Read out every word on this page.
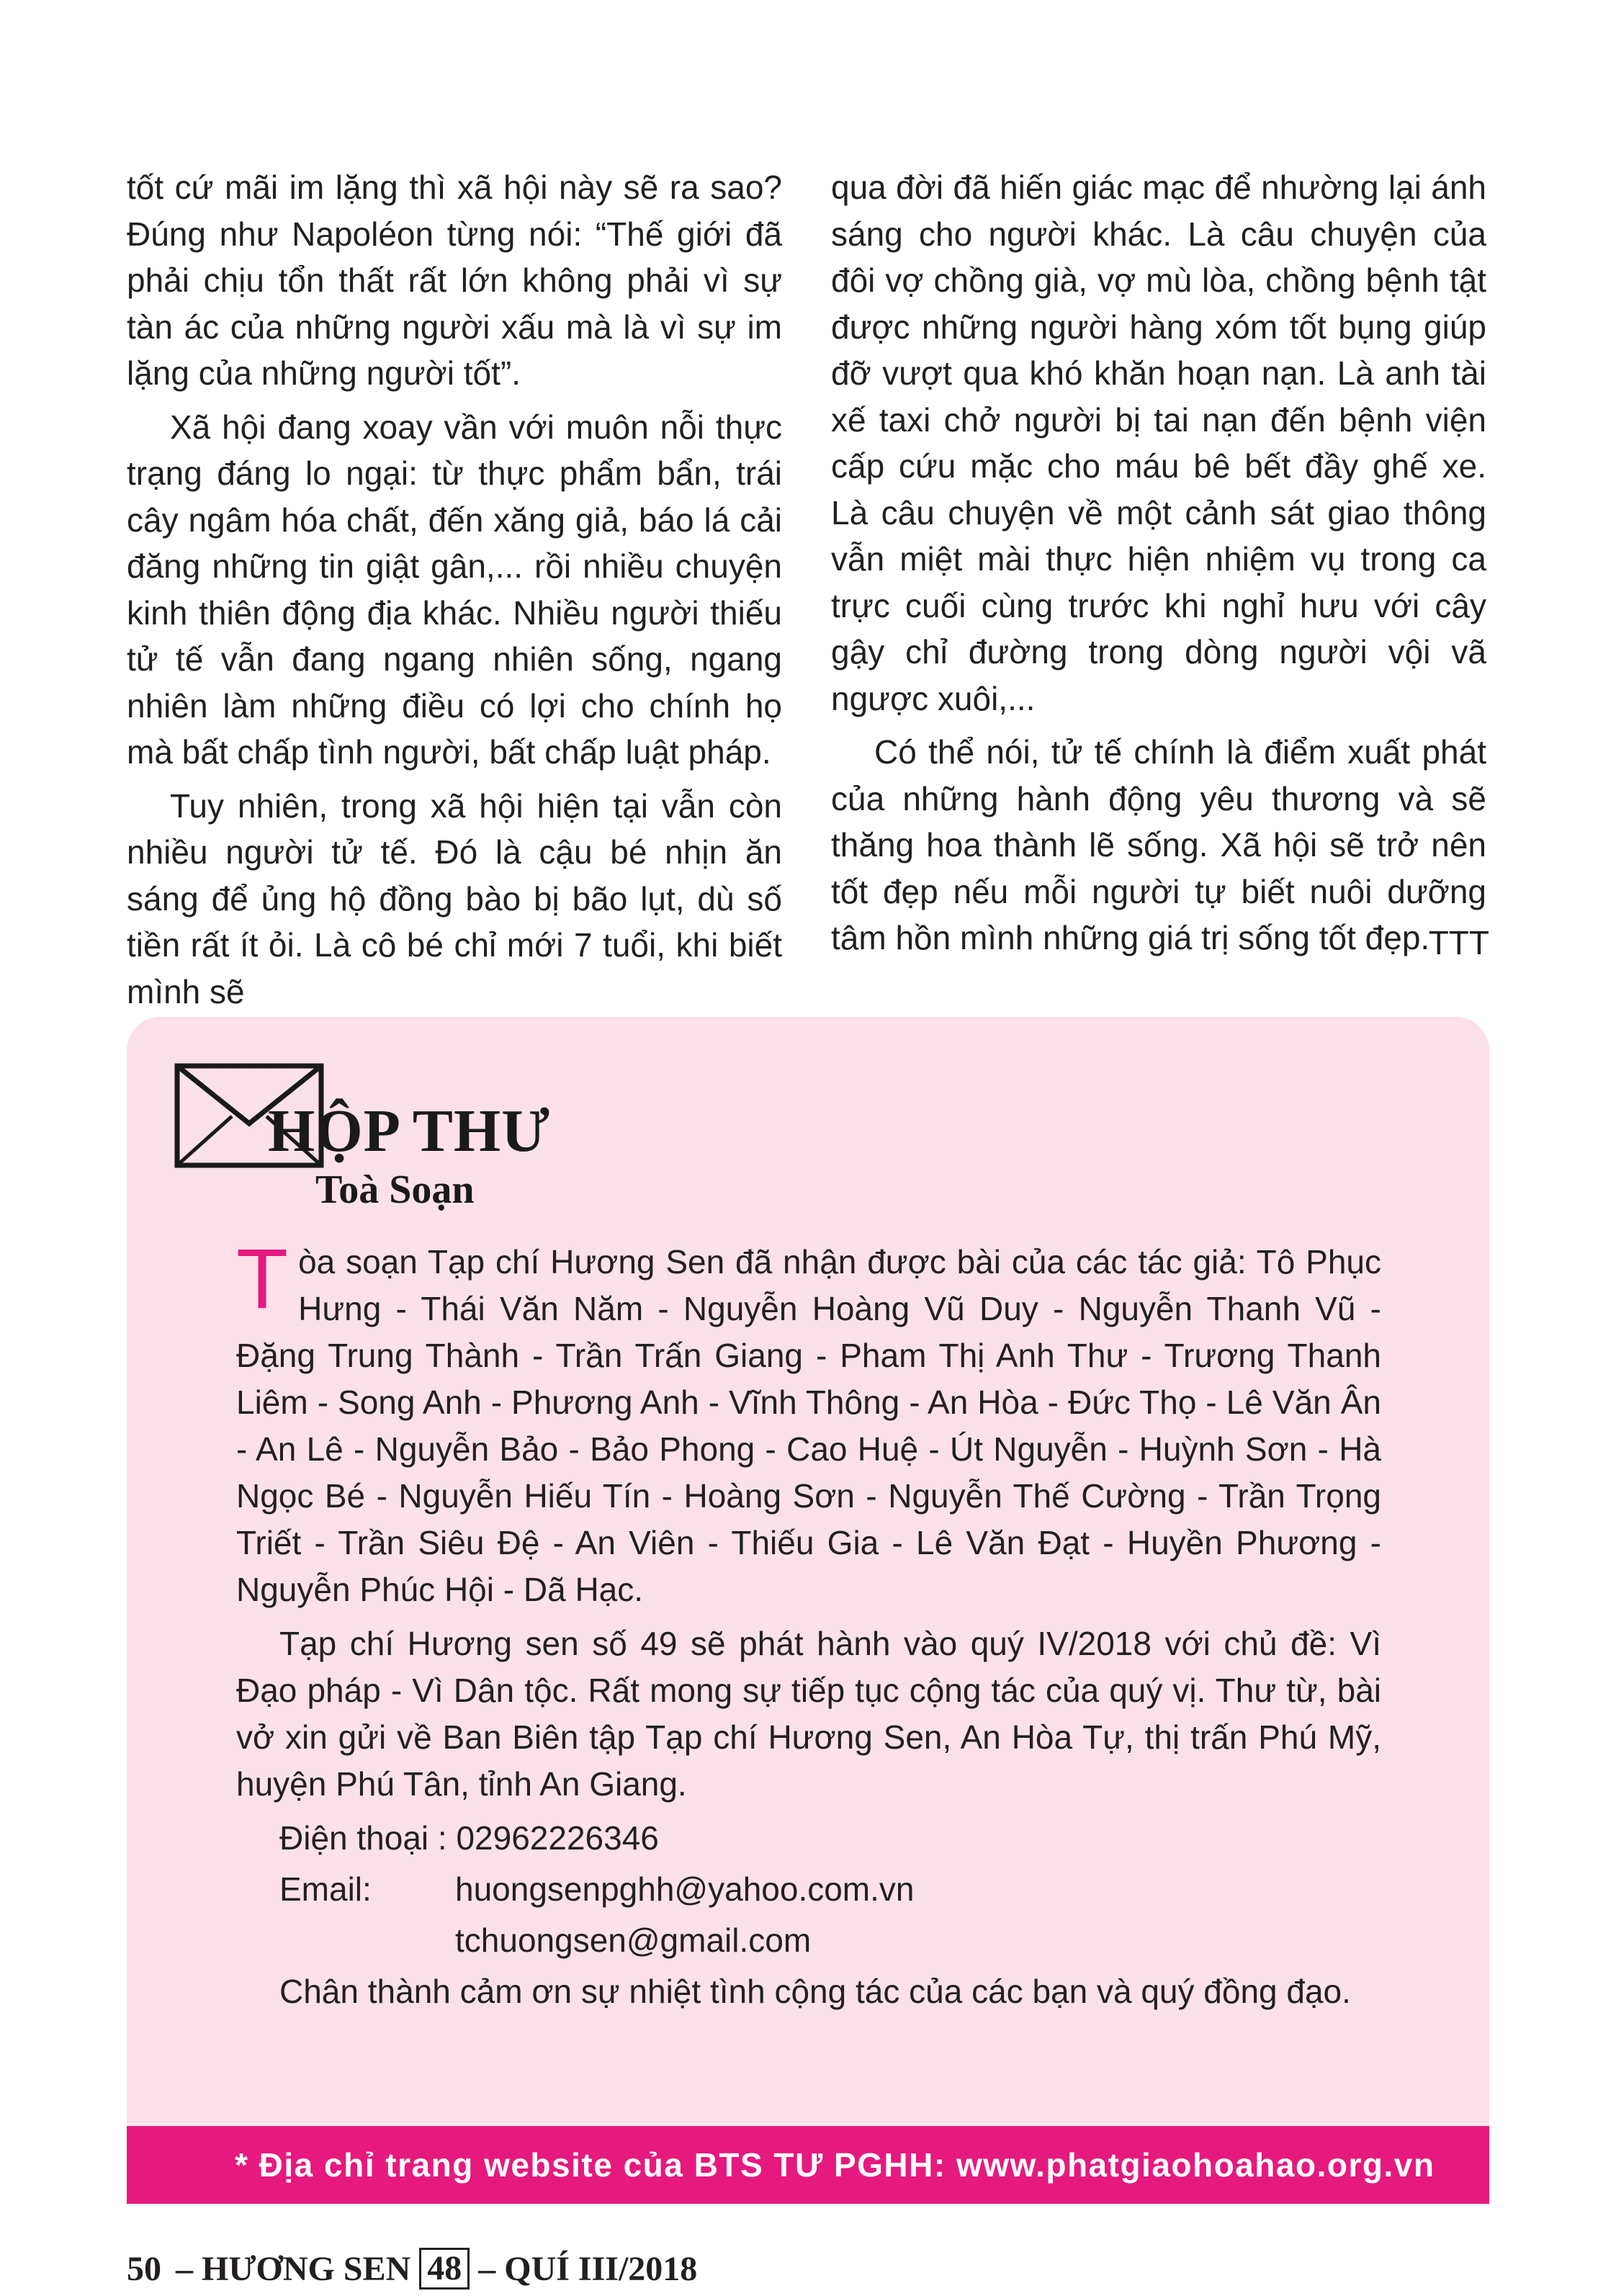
tốt cứ mãi im lặng thì xã hội này sẽ ra sao? Đúng như Napoléon từng nói: “Thế giới đã phải chịu tổn thất rất lớn không phải vì sự tàn ác của những người xấu mà là vì sự im lặng của những người tốt”.

Xã hội đang xoay vần với muôn nỗi thực trạng đáng lo ngại: từ thực phẩm bẩn, trái cây ngâm hóa chất, đến xăng giả, báo lá cải đăng những tin giật gân,... rồi nhiều chuyện kinh thiên động địa khác. Nhiều người thiếu tử tế vẫn đang ngang nhiên sống, ngang nhiên làm những điều có lợi cho chính họ mà bất chấp tình người, bất chấp luật pháp.

Tuy nhiên, trong xã hội hiện tại vẫn còn nhiều người tử tế. Đó là cậu bé nhịn ăn sáng để ủng hộ đồng bào bị bão lụt, dù số tiền rất ít ỏi. Là cô bé chỉ mới 7 tuổi, khi biết mình sẽ

qua đời đã hiến giác mạc để nhường lại ánh sáng cho người khác. Là câu chuyện của đôi vợ chồng già, vợ mù lòa, chồng bệnh tật được những người hàng xóm tốt bụng giúp đỡ vượt qua khó khăn hoạn nạn. Là anh tài xế taxi chở người bị tai nạn đến bệnh viện cấp cứu mặc cho máu bê bết đầy ghế xe. Là câu chuyện về một cảnh sát giao thông vẫn miệt mài thực hiện nhiệm vụ trong ca trực cuối cùng trước khi nghỉ hưu với cây gậy chỉ đường trong dòng người vội vã ngược xuôi,...

Có thể nói, tử tế chính là điểm xuất phát của những hành động yêu thương và sẽ thăng hoa thành lẽ sống. Xã hội sẽ trở nên tốt đẹp nếu mỗi người tự biết nuôi dưỡng tâm hồn mình những giá trị sống tốt đẹp.

TTT
HỘP THƯ
Toà Soạn

Tòa soạn Tạp chí Hương Sen đã nhận được bài của các tác giả: Tô Phục Hưng - Thái Văn Năm - Nguyễn Hoàng Vũ Duy - Nguyễn Thanh Vũ - Đặng Trung Thành - Trần Trấn Giang - Pham Thị Anh Thư - Trương Thanh Liêm - Song Anh - Phương Anh - Vĩnh Thông - An Hòa - Đức Thọ - Lê Văn Ân - An Lê - Nguyễn Bảo - Bảo Phong - Cao Huệ - Út Nguyễn - Huỳnh Sơn - Hà Ngọc Bé - Nguyễn Hiếu Tín - Hoàng Sơn - Nguyễn Thế Cường - Trần Trọng Triết - Trần Siêu Đệ - An Viên - Thiếu Gia - Lê Văn Đạt - Huyền Phương - Nguyễn Phúc Hội - Dã Hạc.

Tạp chí Hương sen số 49 sẽ phát hành vào quý IV/2018 với chủ đề: Vì Đạo pháp - Vì Dân tộc. Rất mong sự tiếp tục cộng tác của quý vị. Thư từ, bài vở xin gửi về Ban Biên tập Tạp chí Hương Sen, An Hòa Tự, thị trấn Phú Mỹ, huyện Phú Tân, tỉnh An Giang.

Điện thoại : 02962226346
Email:	huongsenpghh@yahoo.com.vn
tchuongsen@gmail.com
Chân thành cảm ơn sự nhiệt tình cộng tác của các bạn và quý đồng đạo.
* Địa chỉ trang website của BTS TƯ PGHH: www.phatgiaohoahao.org.vn
50 – HƯƠNG SEN 48 – QUÍ III/2018
